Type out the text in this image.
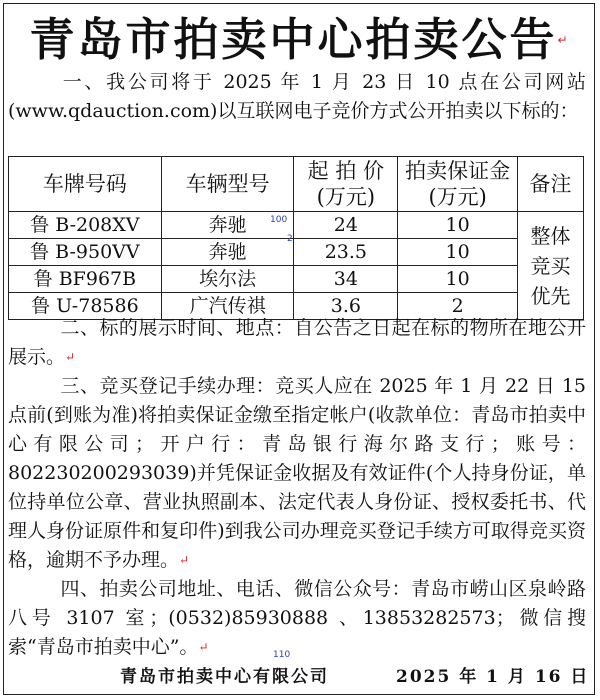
青岛市拍卖中心拍卖公告↵
一、我公司将于 2025 年 1 月 23 日 10 点在公司网站(www.qdauction.com)以互联网电子竞价方式公开拍卖以下标的：
车牌号码	车辆型号	起 拍 价(万元)	拍卖保证金(万元)	备注
鲁 B-208XV	奔驰	24	10	整体竞买优先
鲁 B-950VV	奔驰	23.5	10	
鲁 BF967B	埃尔法	34	10	
鲁 U-78586	广汽传祺	3.6	2	
100
2
二、标的展示时间、地点：自公告之日起在标的物所在地公开展示。↵
三、竞买登记手续办理：竞买人应在 2025 年 1 月 22 日 15 点前(到账为准)将拍卖保证金缴至指定帐户(收款单位：青岛市拍卖中心有限公司；开户行：青岛银行海尔路支行；账号：802230200293039)并凭保证金收据及有效证件(个人持身份证，单位持单位公章、营业执照副本、法定代表人身份证、授权委托书、代理人身份证原件和复印件)到我公司办理竞买登记手续方可取得竞买资格，逾期不予办理。↵
四、拍卖公司地址、电话、微信公众号：青岛市崂山区泉岭路八号 3107 室；(0532)85930888 、13853282573；微信搜索“青岛市拍卖中心”。↵
110
青岛市拍卖中心有限公司	2025 年 1 月 16 日
